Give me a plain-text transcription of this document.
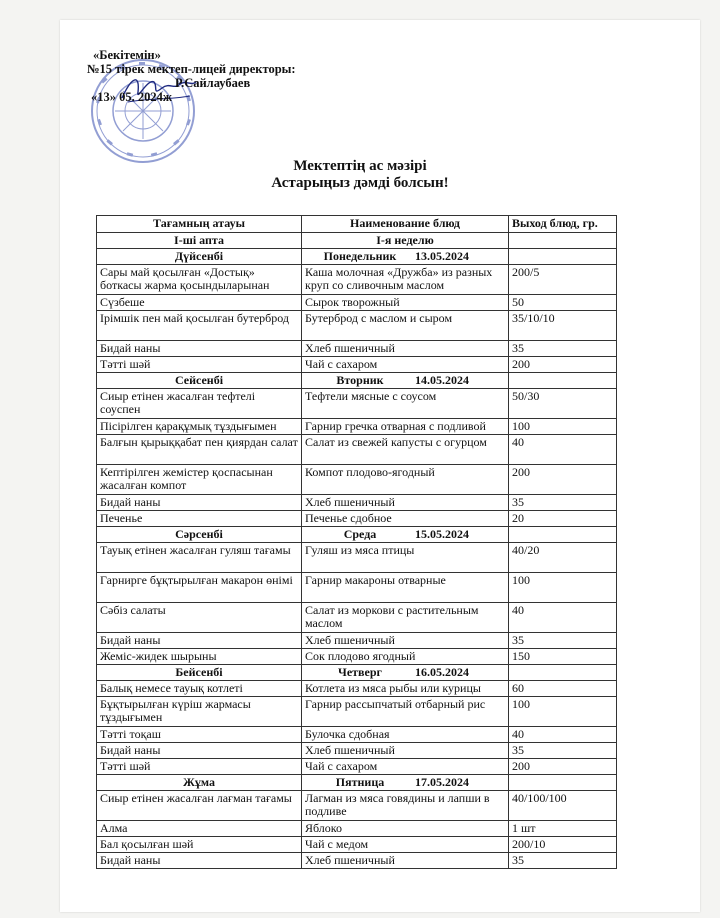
«Бекітемін»
№15 тірек мектеп-лицей директоры:
Р.Сайлаубаев
«13» 05. 2024ж
Мектептің ас мәзірі
Астарыңыз дәмді болсын!
Тағамның атауы	Наименование блюд	Выход блюд, гр.
І-ші апта	І-я неделю	
Дүйсенбі	Понедельник 13.05.2024	
Сары май қосылған «Достық» боткасы жарма қосындыларынан	Каша молочная «Дружба» из разных круп со сливочным маслом	200/5
Сүзбеше	Сырок творожный	50
Ірімшік пен май қосылған бутерброд	Бутерброд с маслом и сыром	35/10/10
Бидай наны	Хлеб пшеничный	35
Тәтті шәй	Чай с сахаром	200
Сейсенбі	Вторник 14.05.2024	
Сиыр етінен жасалған тефтелі соуспен	Тефтели мясные с соусом	50/30
Пісірілген қарақұмық тұздығымен	Гарнир гречка отварная с подливой	100
Балғын қырыққабат пен қиярдан салат	Салат из свежей капусты с огурцом	40
Кептірілген жемістер қоспасынан жасалған компот	Компот плодово-ягодный	200
Бидай наны	Хлеб пшеничный	35
Печенье	Печенье сдобное	20
Сәрсенбі	Среда 15.05.2024	
Тауық етінен жасалған гуляш тағамы	Гуляш из мяса птицы	40/20
Гарнирге бұқтырылған макарон өнімі	Гарнир макароны отварные	100
Сәбіз салаты	Салат из моркови с растительным маслом	40
Бидай наны	Хлеб пшеничный	35
Жеміс-жидек шырыны	Сок плодово ягодный	150
Бейсенбі	Четверг 16.05.2024	
Балық немесе тауық котлеті	Котлета из мяса рыбы или курицы	60
Бұқтырылған күріш жармасы тұздығымен	Гарнир рассыпчатый отбарный рис	100
Тәтті тоқаш	Булочка сдобная	40
Бидай наны	Хлеб пшеничный	35
Тәтті шәй	Чай с сахаром	200
Жұма	Пятница 17.05.2024	
Сиыр етінен жасалған лағман тағамы	Лагман из мяса говядины и лапши в подливе	40/100/100
Алма	Яблоко	1 шт
Бал қосылған шәй	Чай с медом	200/10
Бидай наны	Хлеб пшеничный	35
